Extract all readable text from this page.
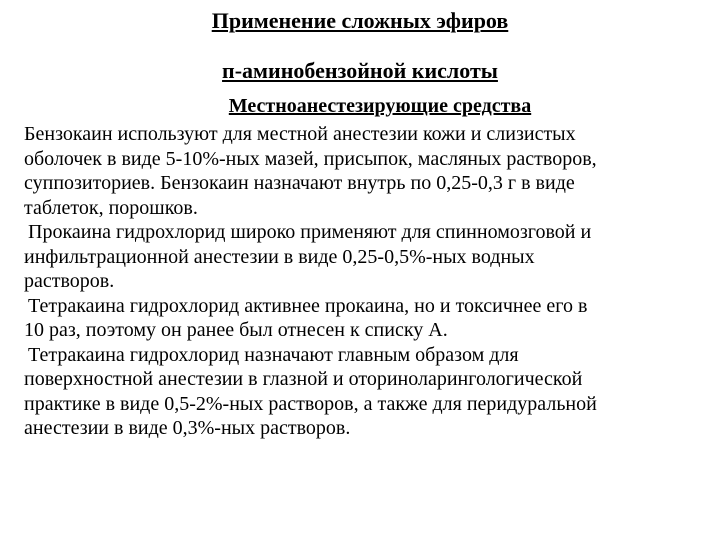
Применение сложных эфиров
п-аминобензойной кислоты
Местноанестезирующие средства

Бензокаин используют для местной анестезии кожи и слизистых
оболочек в виде 5-10%-ных мазей, присыпок, масляных растворов,
суппозиториев. Бензокаин назначают внутрь по 0,25-0,3 г в виде
таблеток, порошков.

Прокаина гидрохлорид широко применяют для спинномозговой и
инфильтрационной анестезии в виде 0,25-0,5%-ных водных
растворов.

Тетракаина гидрохлорид активнее прокаина, но и токсичнее его в
10 раз, поэтому он ранее был отнесен к списку А.

Тетракаина гидрохлорид назначают главным образом для
поверхностной анестезии в глазной и оториноларингологической
практике в виде 0,5-2%-ных растворов, а также для перидуральной
анестезии в виде 0,3%-ных растворов.
